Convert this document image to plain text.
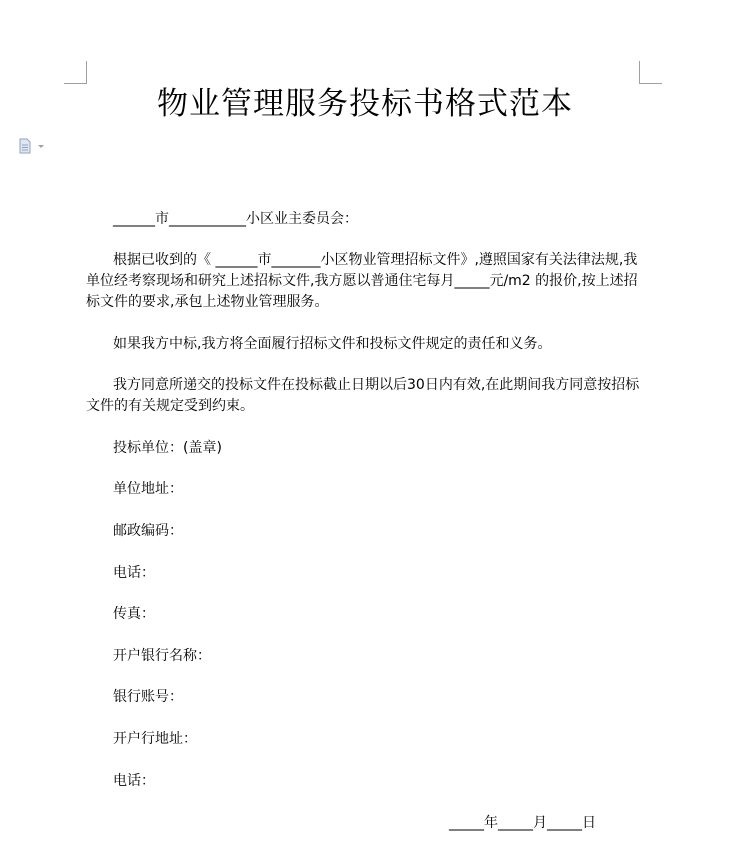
物业管理服务投标书格式范本
______市___________小区业主委员会：
根据已收到的《 ______市_______小区物业管理招标文件》,遵照国家有关法律法规,我
单位经考察现场和研究上述招标文件,我方愿以普通住宅每月_____元/m2 的报价,按上述招
标文件的要求,承包上述物业管理服务。
如果我方中标,我方将全面履行招标文件和投标文件规定的责任和义务。
我方同意所递交的投标文件在投标截止日期以后30日内有效,在此期间我方同意按招标
文件的有关规定受到约束。
投标单位：(盖章)
单位地址：
邮政编码：
电话：
传真：
开户银行名称：
银行账号：
开户行地址：
电话：
_____年_____月_____日
